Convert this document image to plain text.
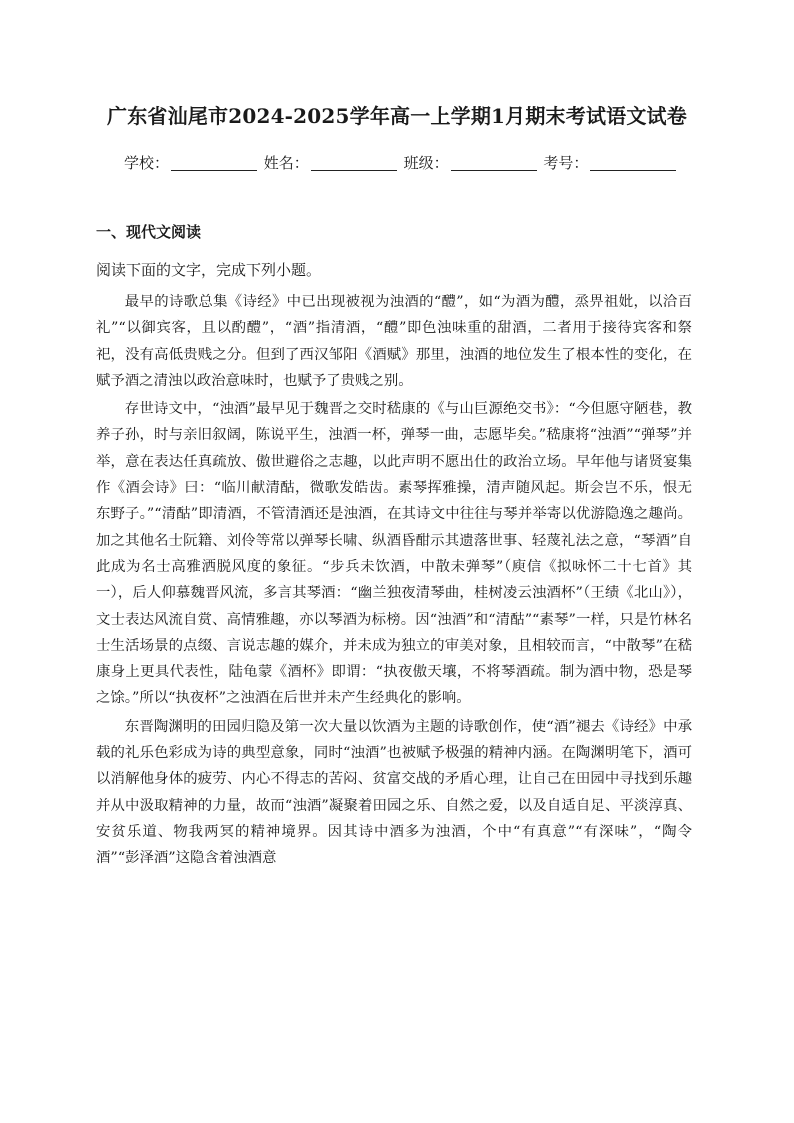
广东省汕尾市2024-2025学年高一上学期1月期末考试语文试卷
学校：	姓名：	班级：	考号：
一、现代文阅读
阅读下面的文字，完成下列小题。

最早的诗歌总集《诗经》中已出现被视为浊酒的“醴”，如“为酒为醴，烝畀祖妣，以洽百礼”“以御宾客，且以酌醴”，“酒”指清酒，“醴”即色浊味重的甜酒，二者用于接待宾客和祭祀，没有高低贵贱之分。但到了西汉邹阳《酒赋》那里，浊酒的地位发生了根本性的变化，在赋予酒之清浊以政治意味时，也赋予了贵贱之别。

存世诗文中，“浊酒”最早见于魏晋之交时嵇康的《与山巨源绝交书》：“今但愿守陋巷，教养子孙，时与亲旧叙阔，陈说平生，浊酒一杯，弹琴一曲，志愿毕矣。”嵇康将“浊酒”“弹琴”并举，意在表达任真疏放、傲世避俗之志趣，以此声明不愿出仕的政治立场。早年他与诸贤宴集作《酒会诗》曰：“临川献清酤，微歌发皓齿。素琴挥雅操，清声随风起。斯会岂不乐，恨无东野子。”“清酤”即清酒，不管清酒还是浊酒，在其诗文中往往与琴并举寄以优游隐逸之趣尚。加之其他名士阮籍、刘伶等常以弹琴长啸、纵酒昏酣示其遗落世事、轻蔑礼法之意，“琴酒”自此成为名士高雅洒脱风度的象征。“步兵未饮酒，中散未弹琴”（庾信《拟咏怀二十七首》其一），后人仰慕魏晋风流，多言其琴酒：“幽兰独夜清琴曲，桂树凌云浊酒杯”（王绩《北山》），文士表达风流自赏、高情雅趣，亦以琴酒为标榜。因“浊酒”和“清酤”“素琴”一样，只是竹林名士生活场景的点缀、言说志趣的媒介，并未成为独立的审美对象，且相较而言，“中散琴”在嵇康身上更具代表性，陆龟蒙《酒杯》即谓：“执夜傲天壤，不将琴酒疏。制为酒中物，恐是琴之馀。”所以“执夜杯”之浊酒在后世并未产生经典化的影响。

东晋陶渊明的田园归隐及第一次大量以饮酒为主题的诗歌创作，使“酒”褪去《诗经》中承载的礼乐色彩成为诗的典型意象，同时“浊酒”也被赋予极强的精神内涵。在陶渊明笔下，酒可以消解他身体的疲劳、内心不得志的苦闷、贫富交战的矛盾心理，让自己在田园中寻找到乐趣并从中汲取精神的力量，故而“浊酒”凝聚着田园之乐、自然之爱，以及自适自足、平淡淳真、安贫乐道、物我两冥的精神境界。因其诗中酒多为浊酒，个中“有真意”“有深味”，“陶令酒”“彭泽酒”这隐含着浊酒意
